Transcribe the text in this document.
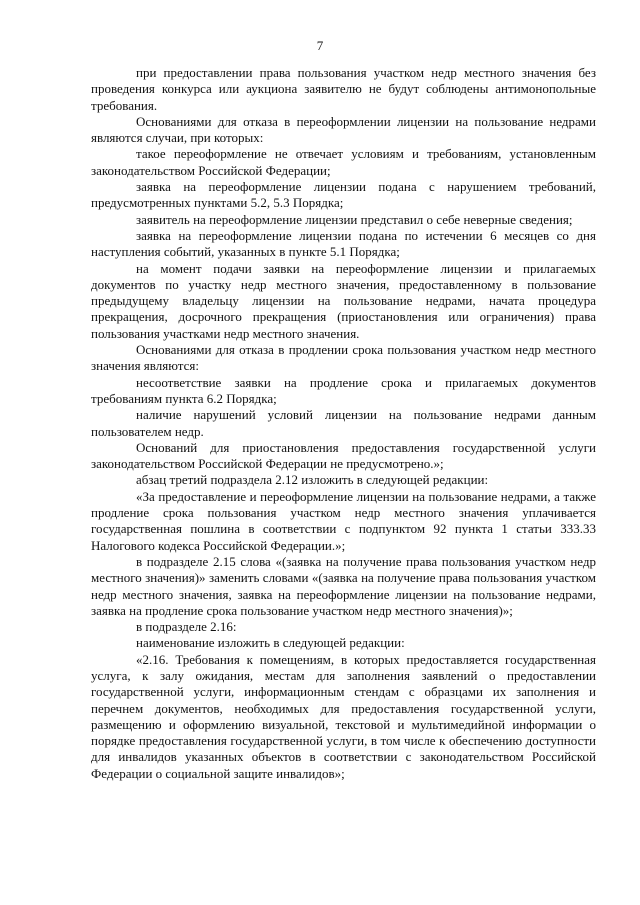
7

при предоставлении права пользования участком недр местного значения без проведения конкурса или аукциона заявителю не будут соблюдены антимонопольные требования.

Основаниями для отказа в переоформлении лицензии на пользование недрами являются случаи, при которых:

такое переоформление не отвечает условиям и требованиям, установленным законодательством Российской Федерации;

заявка на переоформление лицензии подана с нарушением требований, предусмотренных пунктами 5.2, 5.3 Порядка;

заявитель на переоформление лицензии представил о себе неверные сведения;

заявка на переоформление лицензии подана по истечении 6 месяцев со дня наступления событий, указанных в пункте 5.1 Порядка;

на момент подачи заявки на переоформление лицензии и прилагаемых документов по участку недр местного значения, предоставленному в пользование предыдущему владельцу лицензии на пользование недрами, начата процедура прекращения, досрочного прекращения (приостановления или ограничения) права пользования участками недр местного значения.

Основаниями для отказа в продлении срока пользования участком недр местного значения являются:

несоответствие заявки на продление срока и прилагаемых документов требованиям пункта 6.2 Порядка;

наличие нарушений условий лицензии на пользование недрами данным пользователем недр.

Оснований для приостановления предоставления государственной услуги законодательством Российской Федерации не предусмотрено.»;

абзац третий подраздела 2.12 изложить в следующей редакции:

«За предоставление и переоформление лицензии на пользование недрами, а также продление срока пользования участком недр местного значения уплачивается государственная пошлина в соответствии с подпунктом 92 пункта 1 статьи 333.33 Налогового кодекса Российской Федерации.»;

в подразделе 2.15 слова «(заявка на получение права пользования участком недр местного значения)» заменить словами «(заявка на получение права пользования участком недр местного значения, заявка на переоформление лицензии на пользование недрами, заявка на продление срока пользование участком недр местного значения)»;

в подразделе 2.16:

наименование изложить в следующей редакции:

«2.16. Требования к помещениям, в которых предоставляется государственная услуга, к залу ожидания, местам для заполнения заявлений о предоставлении государственной услуги, информационным стендам с образцами их заполнения и перечнем документов, необходимых для предоставления государственной услуги, размещению и оформлению визуальной, текстовой и мультимедийной информации о порядке предоставления государственной услуги, в том числе к обеспечению доступности для инвалидов указанных объектов в соответствии с законодательством Российской Федерации о социальной защите инвалидов»;
